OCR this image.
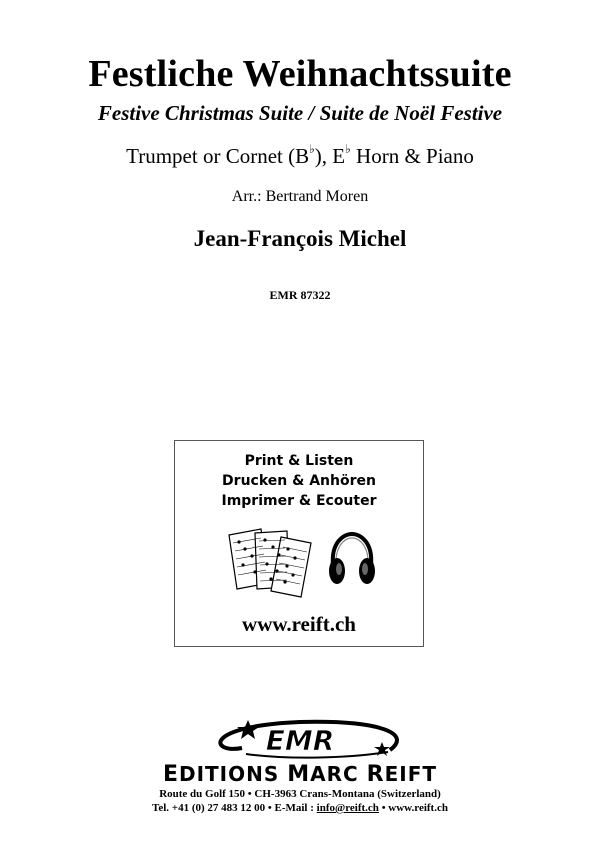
Festliche Weihnachtssuite
Festive Christmas Suite / Suite de Noël Festive
Trumpet or Cornet (B♭), E♭ Horn & Piano
Arr.: Bertrand Moren
Jean-François Michel
EMR 87322
Print & Listen
Drucken & Anhören
Imprimer & Ecouter
www.reift.ch
EMR
EDITIONS MARC REIFT
Route du Golf 150 • CH-3963 Crans-Montana (Switzerland)
Tel. +41 (0) 27 483 12 00 • E-Mail : info@reift.ch • www.reift.ch
